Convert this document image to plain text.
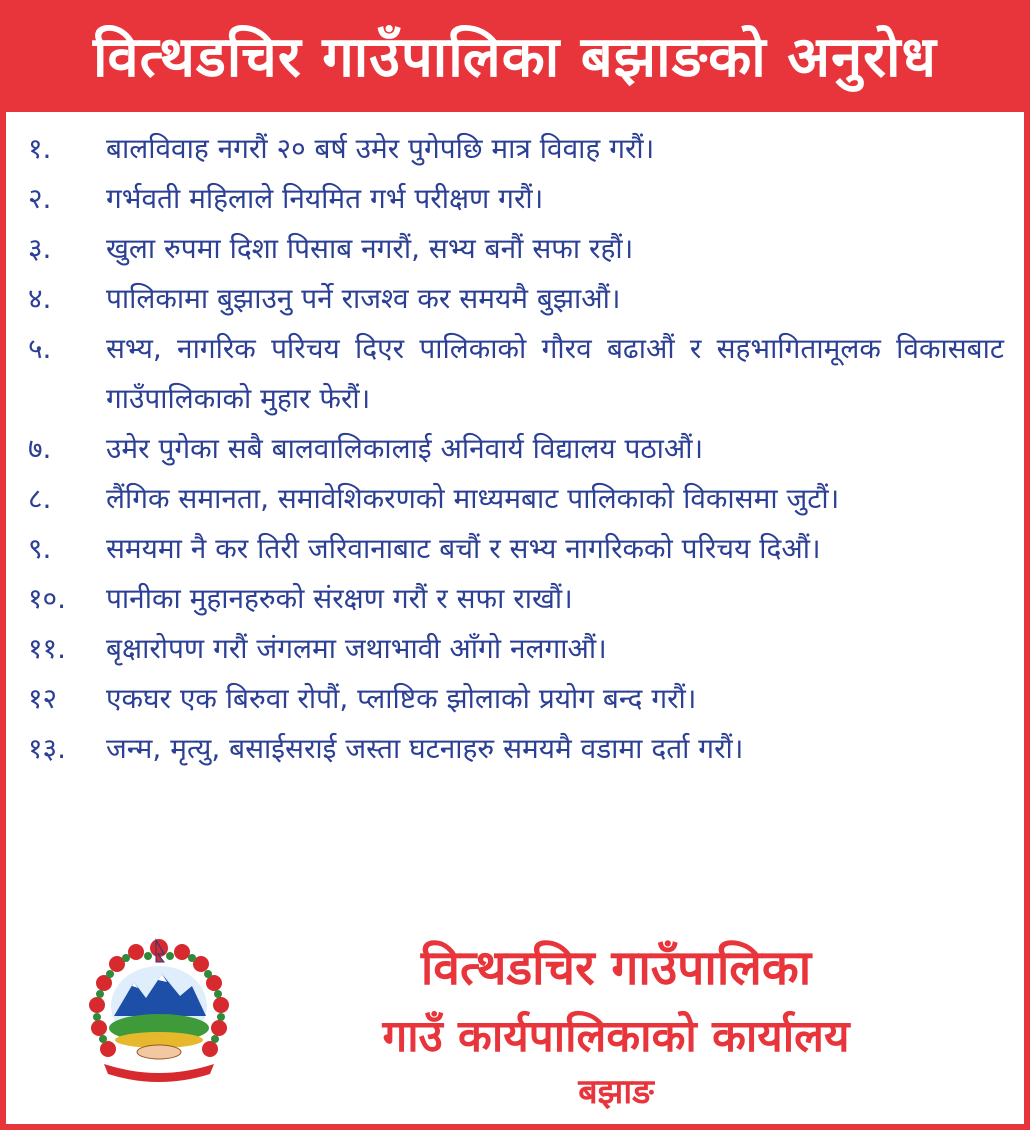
वित्थडचिर गाउँपालिका बझाङको अनुरोध
१.	बालविवाह नगरौं २० बर्ष उमेर पुगेपछि मात्र विवाह गरौं।
२.	गर्भवती महिलाले नियमित गर्भ परीक्षण गरौं।
३.	खुला रुपमा दिशा पिसाब नगरौं, सभ्य बनौं सफा रहौं।
४.	पालिकामा बुझाउनु पर्ने राजश्व कर समयमै बुझाऔं।
५.	सभ्य, नागरिक परिचय दिएर पालिकाको गौरव बढाऔं र सहभागितामूलक विकासबाट गाउँपालिकाको मुहार फेरौं।
७.	उमेर पुगेका सबै बालवालिकालाई अनिवार्य विद्यालय पठाऔं।
८.	लैंगिक समानता, समावेशिकरणको माध्यमबाट पालिकाको विकासमा जुटौं।
९.	समयमा नै कर तिरी जरिवानाबाट बचौं र सभ्य नागरिकको परिचय दिऔं।
१०.	पानीका मुहानहरुको संरक्षण गरौं र सफा राखौं।
११.	बृक्षारोपण गरौं जंगलमा जथाभावी आँगो नलगाऔं।
१२	एकघर एक बिरुवा रोपौं, प्लाष्टिक झोलाको प्रयोग बन्द गरौं।
१३.	जन्म, मृत्यु, बसाईसराई जस्ता घटनाहरु समयमै वडामा दर्ता गरौं।
वित्थडचिर गाउँपालिका
गाउँ कार्यपालिकाको कार्यालय
बझाङ
